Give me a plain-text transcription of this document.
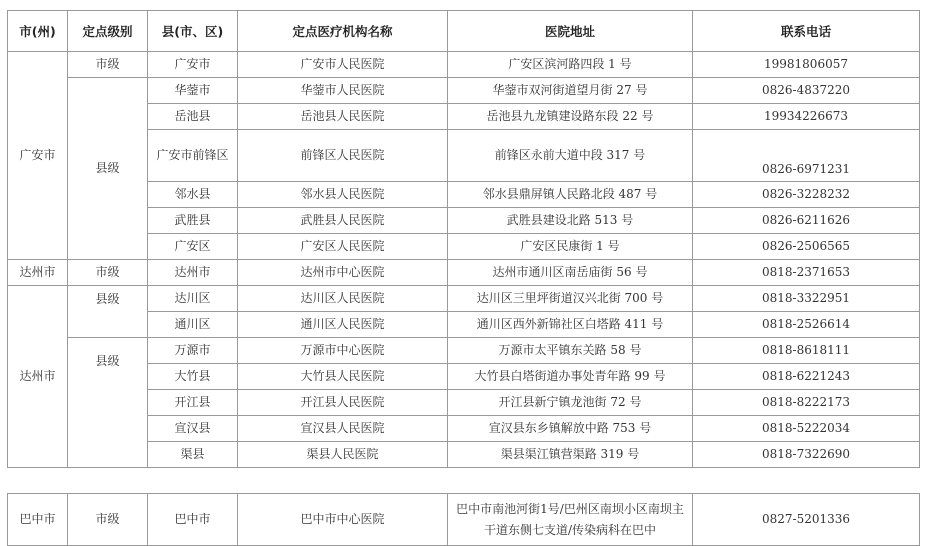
市(州)	定点级别	县(市、区)	定点医疗机构名称	医院地址	联系电话
广安市	市级	广安市	广安市人民医院	广安区滨河路四段 1 号	19981806057
	县级	华蓥市	华蓥市人民医院	华蓥市双河街道望月街 27 号	0826-4837220
		岳池县	岳池县人民医院	岳池县九龙镇建设路东段 22 号	19934226673
		广安市前锋区	前锋区人民医院	前锋区永前大道中段 317 号	0826-6971231
		邻水县	邻水县人民医院	邻水县鼎屏镇人民路北段 487 号	0826-3228232
		武胜县	武胜县人民医院	武胜县建设北路 513 号	0826-6211626
		广安区	广安区人民医院	广安区民康街 1 号	0826-2506565

达州市	市级	达州市	达州市中心医院	达州市通川区南岳庙街 56 号	0818-2371653
达州市	县级	达川区	达川区人民医院	达川区三里坪街道汉兴北街 700 号	0818-3322951
		通川区	通川区人民医院	通川区西外新锦社区白塔路 411 号	0818-2526614
	县级	万源市	万源市中心医院	万源市太平镇东关路 58 号	0818-8618111
		大竹县	大竹县人民医院	大竹县白塔街道办事处青年路 99 号	0818-6221243
		开江县	开江县人民医院	开江县新宁镇龙池街 72 号	0818-8222173
		宣汉县	宣汉县人民医院	宣汉县东乡镇解放中路 753 号	0818-5222034
		渠县	渠县人民医院	渠县渠江镇营渠路 319 号	0818-7322690

巴中市	市级	巴中市	巴中市中心医院	巴中市南池河街1号/巴州区南坝小区南坝主干道东侧七支道/传染病科在巴中	0827-5201336
